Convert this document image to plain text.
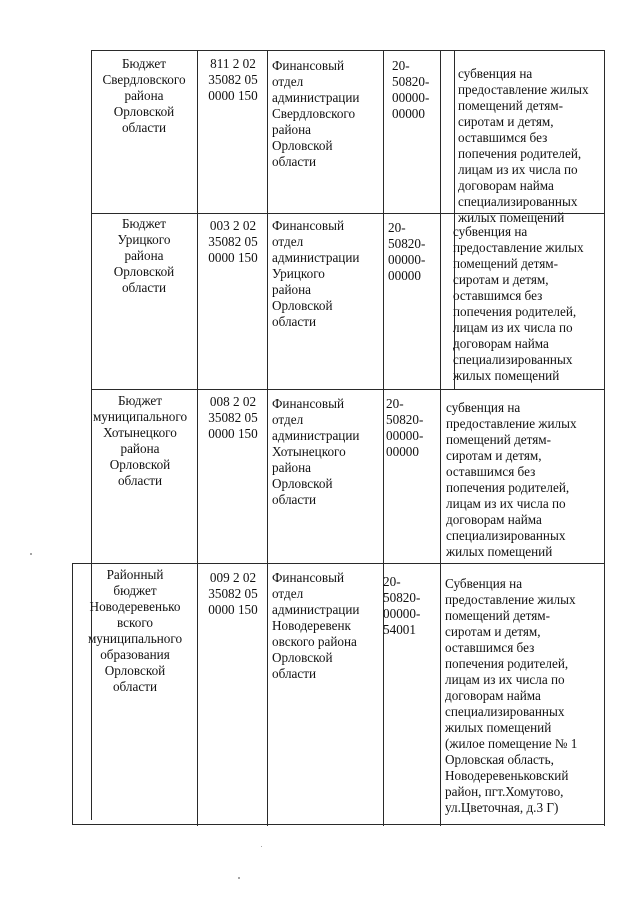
Бюджет
Свердловского
района
Орловской
области
811 2 02
35082 05
0000 150
Финансовый
отдел
администрации
Свердловского
района
Орловской
области
20-
50820-
00000-
00000
субвенция на
предоставление жилых
помещений детям-
сиротам и детям,
оставшимся без
попечения родителей,
лицам из их числа по
договорам найма
специализированных
жилых помещений
Бюджет
Урицкого
района
Орловской
области
003 2 02
35082 05
0000 150
Финансовый
отдел
администрации
Урицкого
района
Орловской
области
20-
50820-
00000-
00000
субвенция на
предоставление жилых
помещений детям-
сиротам и детям,
оставшимся без
попечения родителей,
лицам из их числа по
договорам найма
специализированных
жилых помещений
Бюджет
муниципального
Хотынецкого
района
Орловской
области
008 2 02
35082 05
0000 150
Финансовый
отдел
администрации
Хотынецкого
района
Орловской
области
20-
50820-
00000-
00000
субвенция на
предоставление жилых
помещений детям-
сиротам и детям,
оставшимся без
попечения родителей,
лицам из их числа по
договорам найма
специализированных
жилых помещений
Районный
бюджет
Новодеревенько
вского
муниципального
образования
Орловской
области
009 2 02
35082 05
0000 150
Финансовый
отдел
администрации
Новодеревенк
овского района
Орловской
области
20-
50820-
00000-
54001
Субвенция на
предоставление жилых
помещений детям-
сиротам и детям,
оставшимся без
попечения родителей,
лицам из их числа по
договорам найма
специализированных
жилых помещений
(жилое помещение № 1
Орловская область,
Новодеревеньковский
район, пгт.Хомутово,
ул.Цветочная, д.3 Г)
